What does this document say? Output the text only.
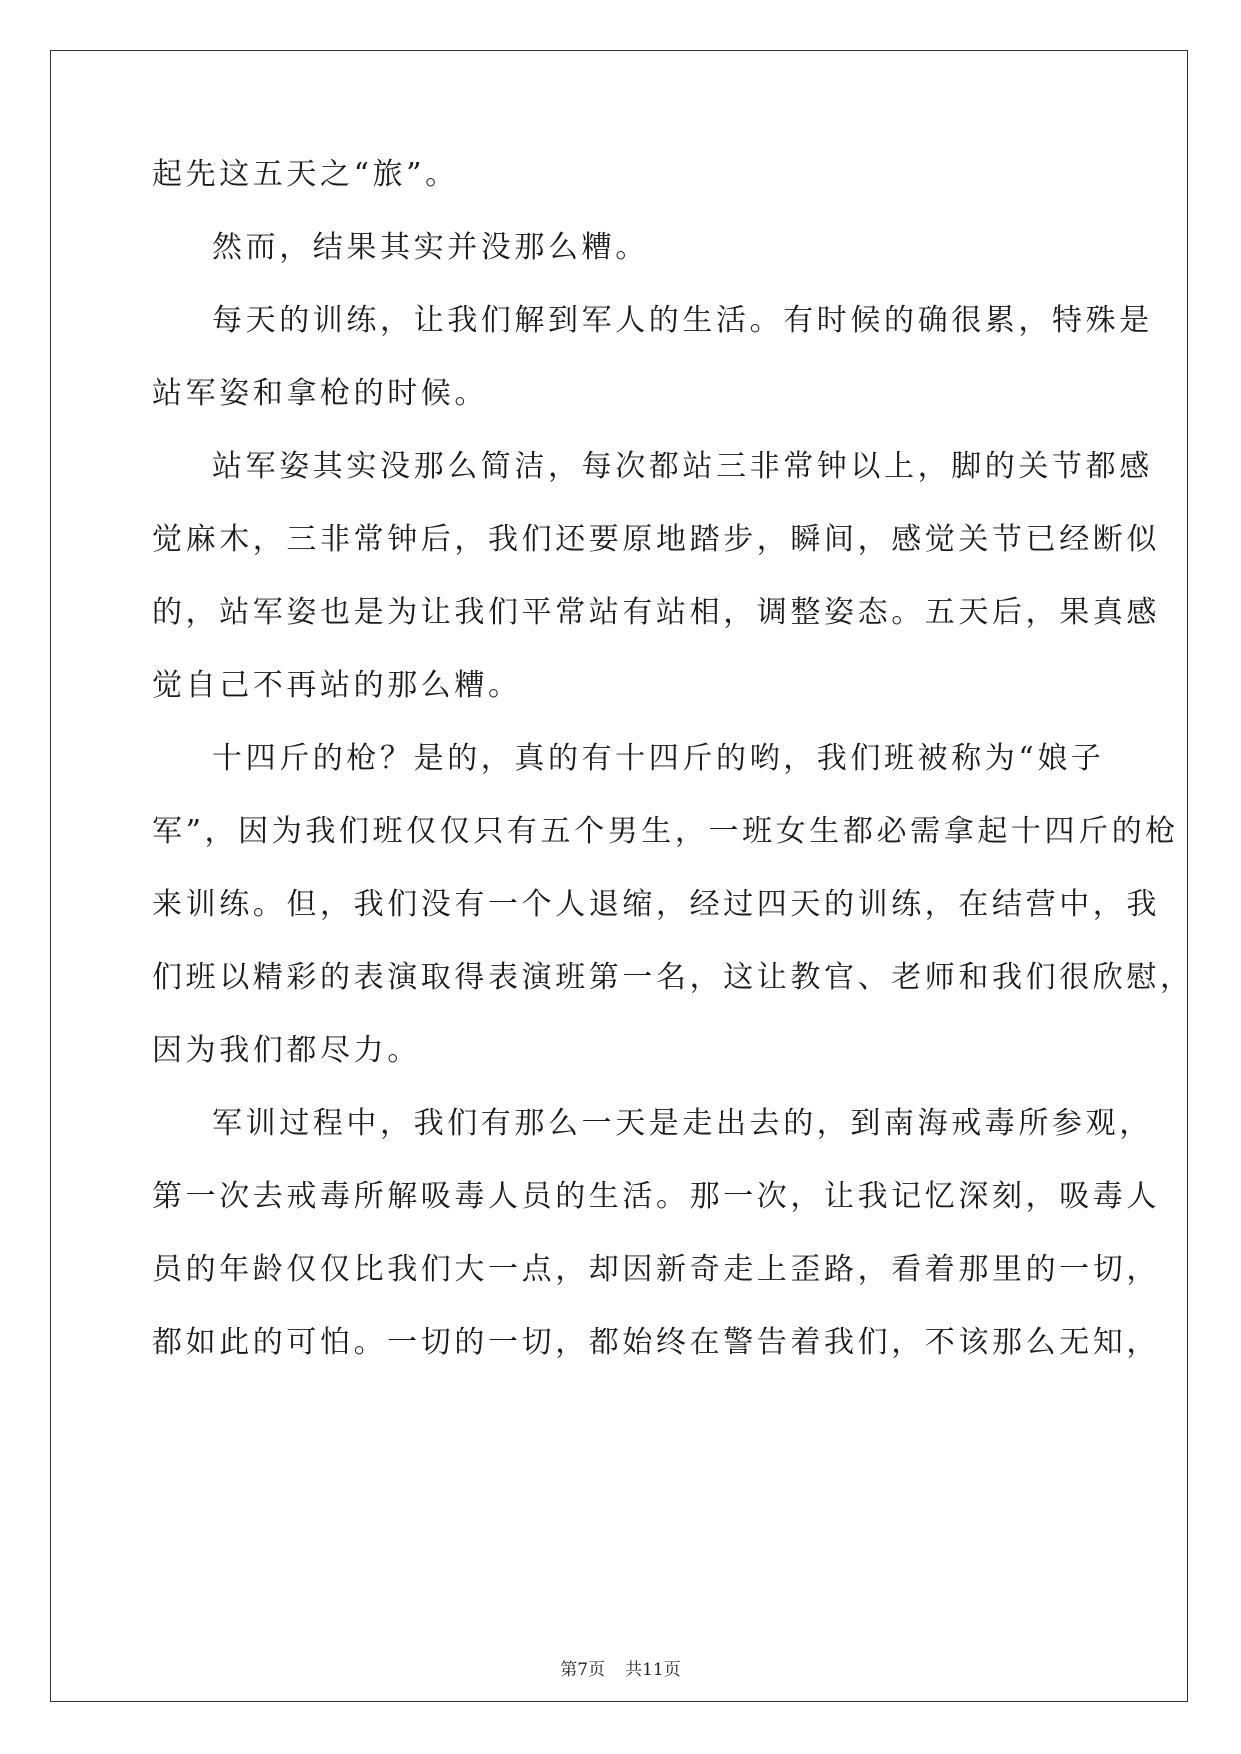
起先这五天之“旅”。
然而，结果其实并没那么糟。
每天的训练，让我们解到军人的生活。有时候的确很累，特殊是
站军姿和拿枪的时候。
站军姿其实没那么简洁，每次都站三非常钟以上，脚的关节都感
觉麻木，三非常钟后，我们还要原地踏步，瞬间，感觉关节已经断似
的，站军姿也是为让我们平常站有站相，调整姿态。五天后，果真感
觉自己不再站的那么糟。
十四斤的枪？是的，真的有十四斤的哟，我们班被称为“娘子
军”，因为我们班仅仅只有五个男生，一班女生都必需拿起十四斤的枪
来训练。但，我们没有一个人退缩，经过四天的训练，在结营中，我
们班以精彩的表演取得表演班第一名，这让教官、老师和我们很欣慰，
因为我们都尽力。
军训过程中，我们有那么一天是走出去的，到南海戒毒所参观，
第一次去戒毒所解吸毒人员的生活。那一次，让我记忆深刻，吸毒人
员的年龄仅仅比我们大一点，却因新奇走上歪路，看着那里的一切，
都如此的可怕。一切的一切，都始终在警告着我们，不该那么无知，
第7页 共11页
